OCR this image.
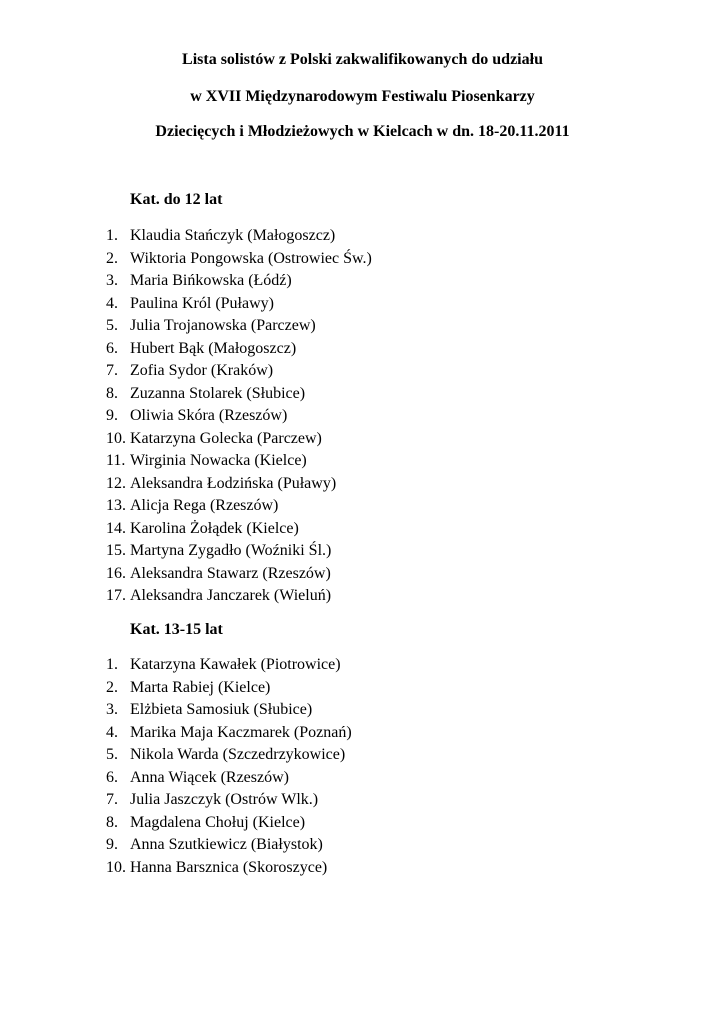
Lista solistów z Polski zakwalifikowanych do udziału
w XVII Międzynarodowym Festiwalu Piosenkarzy
Dziecięcych i Młodzieżowych w Kielcach w dn. 18-20.11.2011
Kat. do 12 lat
1. Klaudia Stańczyk (Małogoszcz)
2. Wiktoria Pongowska (Ostrowiec Św.)
3. Maria Bińkowska (Łódź)
4. Paulina Król (Puławy)
5. Julia Trojanowska (Parczew)
6. Hubert Bąk (Małogoszcz)
7. Zofia Sydor (Kraków)
8. Zuzanna Stolarek (Słubice)
9. Oliwia Skóra (Rzeszów)
10. Katarzyna Golecka (Parczew)
11. Wirginia Nowacka (Kielce)
12. Aleksandra Łodzińska (Puławy)
13. Alicja Rega (Rzeszów)
14. Karolina Żołądek (Kielce)
15. Martyna Zygadło (Woźniki Śl.)
16. Aleksandra Stawarz (Rzeszów)
17. Aleksandra Janczarek (Wieluń)
Kat. 13-15 lat
1. Katarzyna Kawałek (Piotrowice)
2. Marta Rabiej (Kielce)
3. Elżbieta Samosiuk (Słubice)
4. Marika Maja Kaczmarek (Poznań)
5. Nikola Warda (Szczedrzykowice)
6. Anna Wiącek (Rzeszów)
7. Julia Jaszczyk (Ostrów Wlk.)
8. Magdalena Chołuj (Kielce)
9. Anna Szutkiewicz (Białystok)
10. Hanna Barsznica (Skoroszyce)
